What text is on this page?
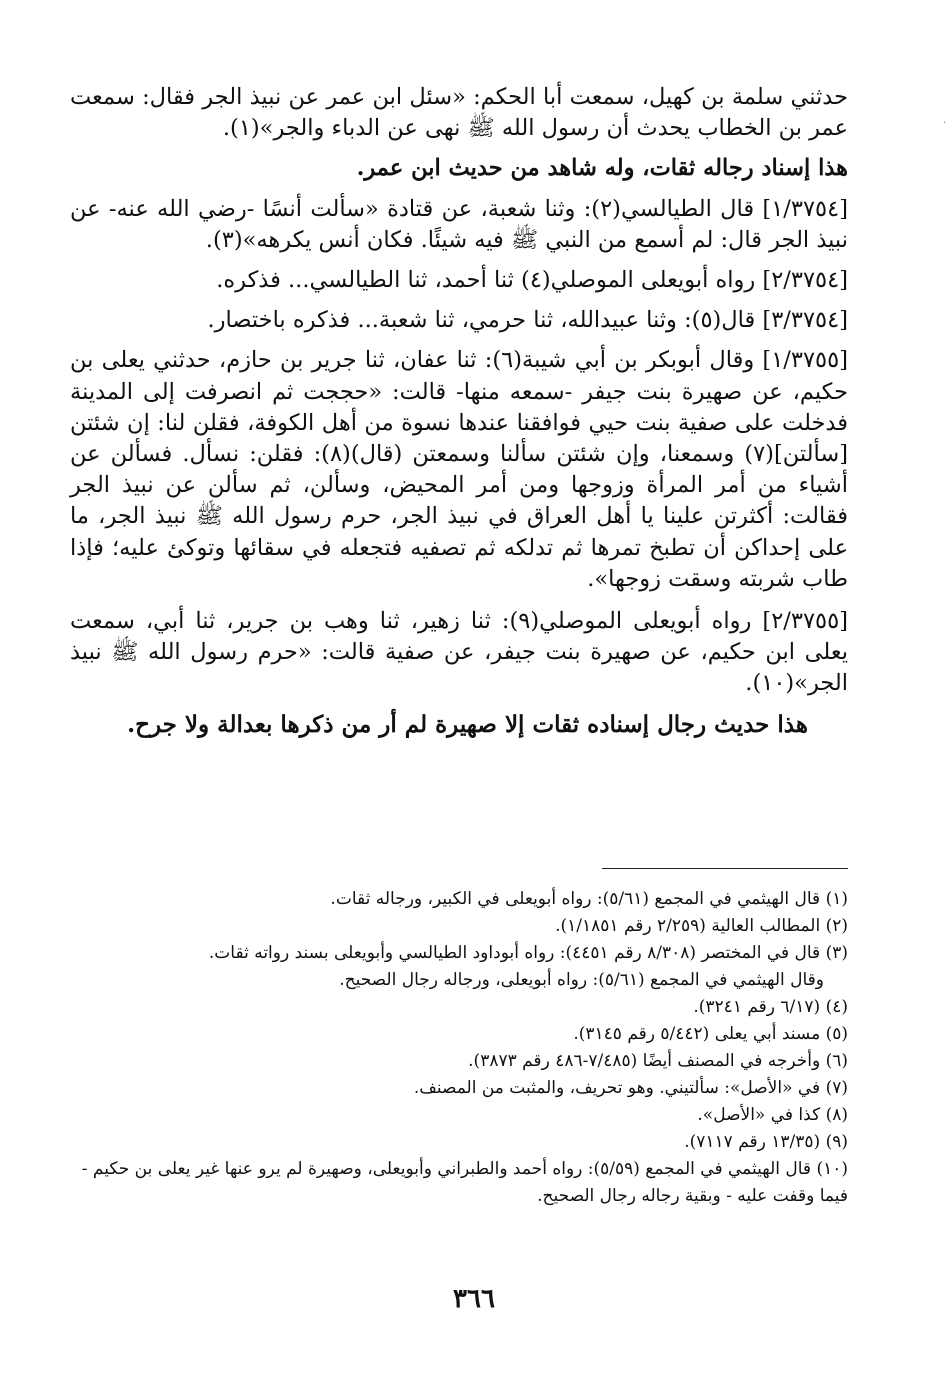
·

حدثني سلمة بن كهيل، سمعت أبا الحكم: «سئل ابن عمر عن نبيذ الجر فقال: سمعت عمر بن الخطاب يحدث أن رسول الله ﷺ نهى عن الدباء والجر»(١).

هذا إسناد رجاله ثقات، وله شاهد من حديث ابن عمر.

[١/٣٧٥٤] قال الطيالسي(٢): وثنا شعبة، عن قتادة «سألت أنسًا -رضي الله عنه- عن نبيذ الجر قال: لم أسمع من النبي ﷺ فيه شيئًا. فكان أنس يكرهه»(٣).

[٢/٣٧٥٤] رواه أبويعلى الموصلي(٤) ثنا أحمد، ثنا الطيالسي... فذكره.

[٣/٣٧٥٤] قال(٥): وثنا عبيدالله، ثنا حرمي، ثنا شعبة... فذكره باختصار.

[١/٣٧٥٥] وقال أبوبكر بن أبي شيبة(٦): ثنا عفان، ثنا جرير بن حازم، حدثني يعلى بن حكيم، عن صهيرة بنت جيفر -سمعه منها- قالت: «حججت ثم انصرفت إلى المدينة فدخلت على صفية بنت حيي فوافقنا عندها نسوة من أهل الكوفة، فقلن لنا: إن شئتن [سألتن](٧) وسمعنا، وإن شئتن سألنا وسمعتن (قال)(٨): فقلن: نسأل. فسألن عن أشياء من أمر المرأة وزوجها ومن أمر المحيض، وسألن، ثم سألن عن نبيذ الجر فقالت: أكثرتن علينا يا أهل العراق في نبيذ الجر، حرم رسول الله ﷺ نبيذ الجر، ما على إحداكن أن تطبخ تمرها ثم تدلكه ثم تصفيه فتجعله في سقائها وتوكئ عليه؛ فإذا طاب شربته وسقت زوجها».

[٢/٣٧٥٥] رواه أبويعلى الموصلي(٩): ثنا زهير، ثنا وهب بن جرير، ثنا أبي، سمعت يعلى ابن حكيم، عن صهيرة بنت جيفر، عن صفية قالت: «حرم رسول الله ﷺ نبيذ الجر»(١٠).

هذا حديث رجال إسناده ثقات إلا صهيرة لم أر من ذكرها بعدالة ولا جرح.

(١) قال الهيثمي في المجمع (٥/٦١): رواه أبويعلى في الكبير، ورجاله ثقات.

(٢) المطالب العالية (٢/٢٥٩ رقم ١/١٨٥١).

(٣) قال في المختصر (٨/٣٠٨ رقم ٤٤٥١): رواه أبوداود الطيالسي وأبويعلى بسند رواته ثقات.

وقال الهيثمي في المجمع (٥/٦١): رواه أبويعلى، ورجاله رجال الصحيح.

(٤) (٦/١٧ رقم ٣٢٤١).

(٥) مسند أبي يعلى (٥/٤٤٢ رقم ٣١٤٥).

(٦) وأخرجه في المصنف أيضًا (٧/٤٨٥-٤٨٦ رقم ٣٨٧٣).

(٧) في «الأصل»: سألتيني. وهو تحريف، والمثبت من المصنف.

(٨) كذا في «الأصل».

(٩) (١٣/٣٥ رقم ٧١١٧).

(١٠) قال الهيثمي في المجمع (٥/٥٩): رواه أحمد والطبراني وأبويعلى، وصهيرة لم يرو عنها غير يعلى بن حكيم - فيما وقفت عليه - وبقية رجاله رجال الصحيح.

٣٦٦
